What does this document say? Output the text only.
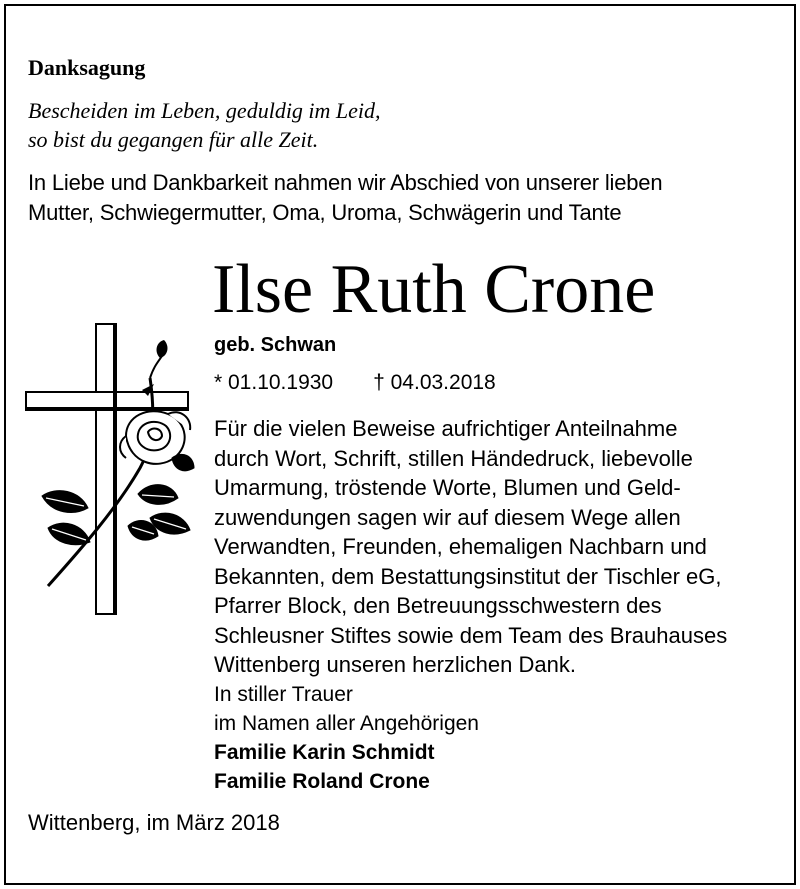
Danksagung
Bescheiden im Leben, geduldig im Leid,
so bist du gegangen für alle Zeit.
In Liebe und Dankbarkeit nahmen wir Abschied von unserer lieben
Mutter, Schwiegermutter, Oma, Uroma, Schwägerin und Tante
Ilse Ruth Crone
geb. Schwan
* 01.10.1930 † 04.03.2018
Für die vielen Beweise aufrichtiger Anteilnahme
durch Wort, Schrift, stillen Händedruck, liebevolle
Umarmung, tröstende Worte, Blumen und Geld-
zuwendungen sagen wir auf diesem Wege allen
Verwandten, Freunden, ehemaligen Nachbarn und
Bekannten, dem Bestattungsinstitut der Tischler eG,
Pfarrer Block, den Betreuungsschwestern des
Schleusner Stiftes sowie dem Team des Brauhauses
Wittenberg unseren herzlichen Dank.
In stiller Trauer
im Namen aller Angehörigen
Familie Karin Schmidt
Familie Roland Crone
Wittenberg, im März 2018
